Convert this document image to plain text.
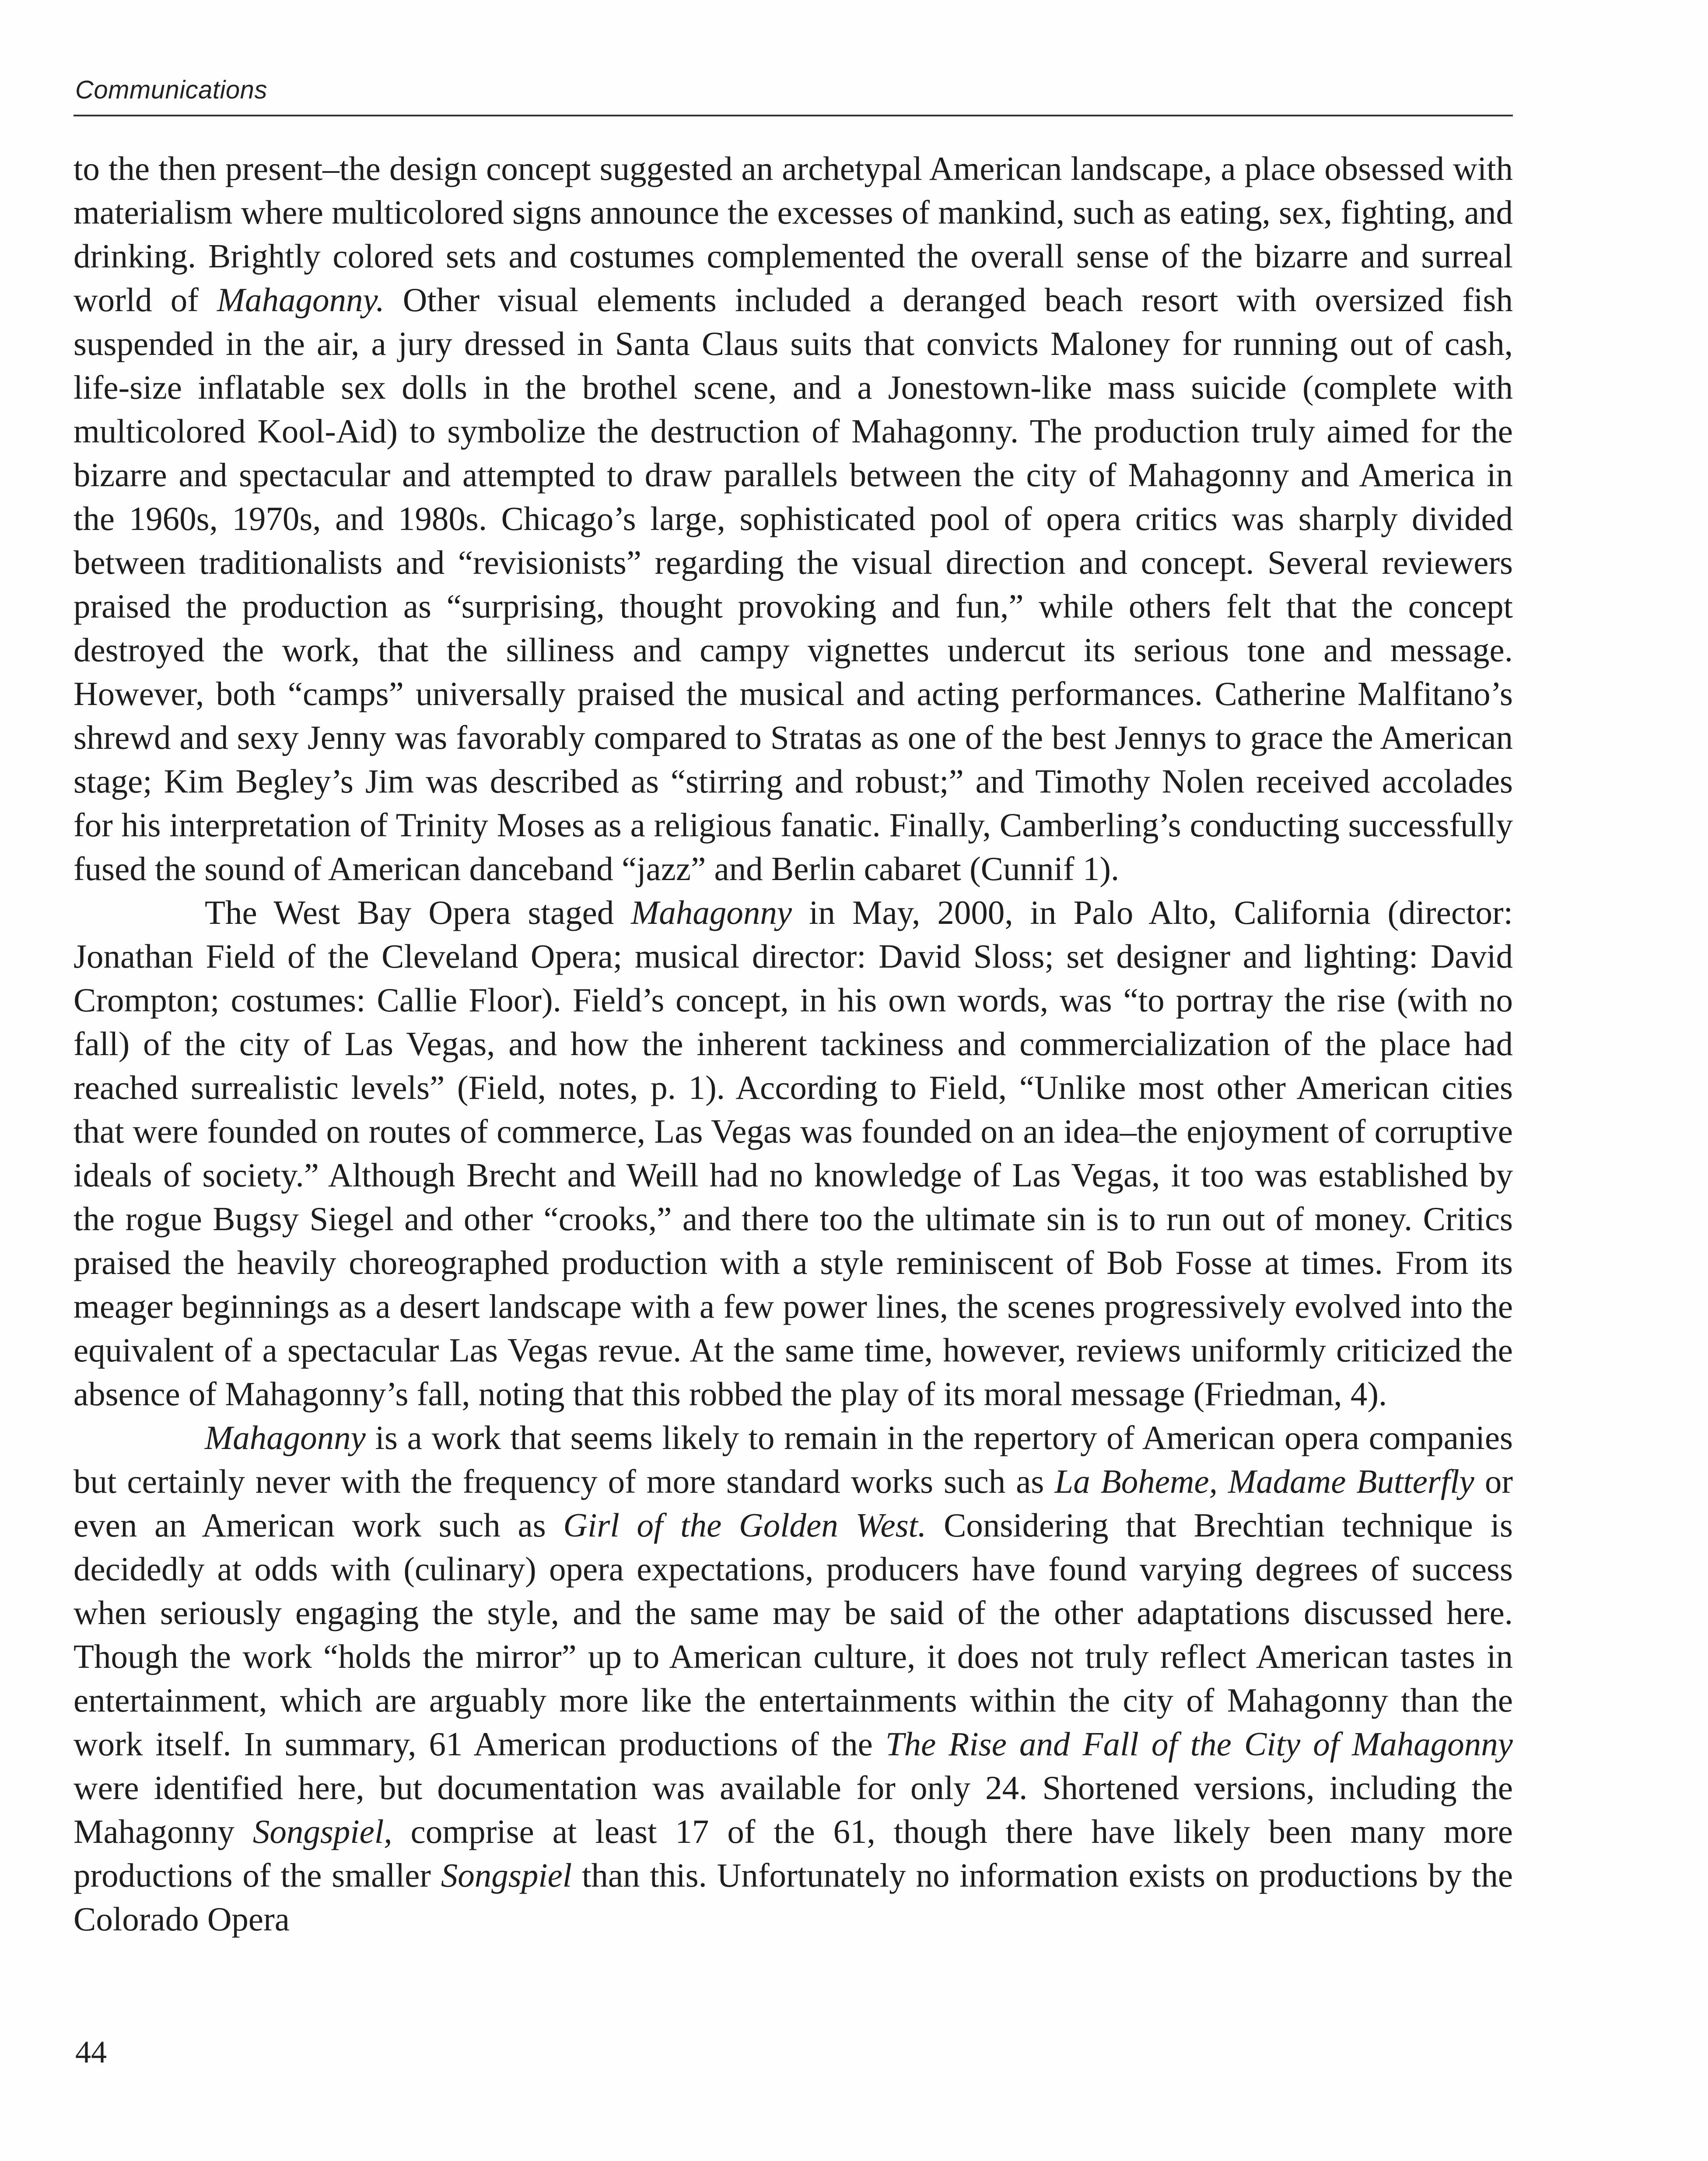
Communications

to the then present–the design concept suggested an archetypal American landscape, a place obsessed with materialism where multicolored signs announce the excesses of mankind, such as eating, sex, fighting, and drinking. Brightly colored sets and costumes complemented the overall sense of the bizarre and surreal world of Mahagonny. Other visual elements included a deranged beach resort with oversized fish suspended in the air, a jury dressed in Santa Claus suits that convicts Maloney for running out of cash, life-size inflatable sex dolls in the brothel scene, and a Jonestown-like mass suicide (complete with multicolored Kool-Aid) to symbolize the destruction of Mahagonny. The production truly aimed for the bizarre and spectacular and attempted to draw parallels between the city of Mahagonny and America in the 1960s, 1970s, and 1980s. Chicago’s large, sophisticated pool of opera critics was sharply divided between traditionalists and “revisionists” regarding the visual direction and concept. Several reviewers praised the production as “surprising, thought provoking and fun,” while others felt that the concept destroyed the work, that the silliness and campy vignettes undercut its serious tone and message. However, both “camps” universally praised the musical and acting performances. Catherine Malfitano’s shrewd and sexy Jenny was favorably compared to Stratas as one of the best Jennys to grace the American stage; Kim Begley’s Jim was described as “stirring and robust;” and Timothy Nolen received accolades for his interpretation of Trinity Moses as a religious fanatic. Finally, Camberling’s conducting successfully fused the sound of American danceband “jazz” and Berlin cabaret (Cunnif 1).

The West Bay Opera staged Mahagonny in May, 2000, in Palo Alto, California (director: Jonathan Field of the Cleveland Opera; musical director: David Sloss; set designer and lighting: David Crompton; costumes: Callie Floor). Field’s concept, in his own words, was “to portray the rise (with no fall) of the city of Las Vegas, and how the inherent tackiness and commercialization of the place had reached surrealistic levels” (Field, notes, p. 1). According to Field, “Unlike most other American cities that were founded on routes of commerce, Las Vegas was founded on an idea–the enjoyment of corruptive ideals of society.” Although Brecht and Weill had no knowledge of Las Vegas, it too was established by the rogue Bugsy Siegel and other “crooks,” and there too the ultimate sin is to run out of money. Critics praised the heavily choreographed production with a style reminiscent of Bob Fosse at times. From its meager beginnings as a desert landscape with a few power lines, the scenes progressively evolved into the equivalent of a spectacular Las Vegas revue. At the same time, however, reviews uniformly criticized the absence of Mahagonny’s fall, noting that this robbed the play of its moral message (Friedman, 4).

Mahagonny is a work that seems likely to remain in the repertory of American opera companies but certainly never with the frequency of more standard works such as La Boheme, Madame Butterfly or even an American work such as Girl of the Golden West. Considering that Brechtian technique is decidedly at odds with (culinary) opera expectations, producers have found varying degrees of success when seriously engaging the style, and the same may be said of the other adaptations discussed here. Though the work “holds the mirror” up to American culture, it does not truly reflect American tastes in entertainment, which are arguably more like the entertainments within the city of Mahagonny than the work itself. In summary, 61 American productions of the The Rise and Fall of the City of Mahagonny were identified here, but documentation was available for only 24. Shortened versions, including the Mahagonny Songspiel, comprise at least 17 of the 61, though there have likely been many more productions of the smaller Songspiel than this. Unfortunately no information exists on productions by the Colorado Opera

44
